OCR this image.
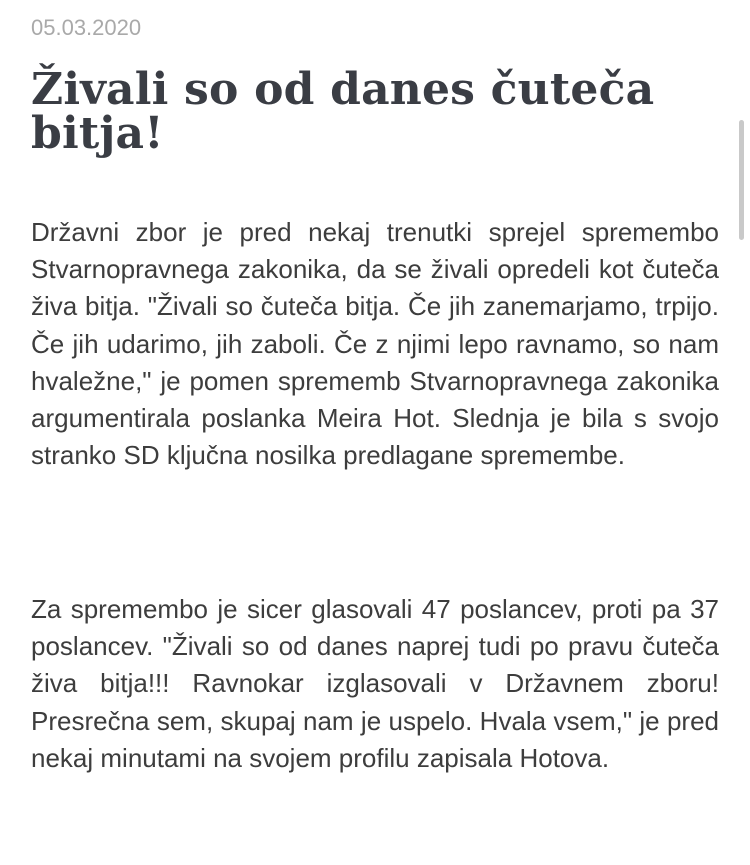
05.03.2020

Živali so od danes čuteča bitja!

Državni zbor je pred nekaj trenutki sprejel spremembo Stvarnopravnega zakonika, da se živali opredeli kot čuteča živa bitja. "Živali so čuteča bitja. Če jih zanemarjamo, trpijo. Če jih udarimo, jih zaboli. Če z njimi lepo ravnamo, so nam hvaležne," je pomen sprememb Stvarnopravnega zakonika argumentirala poslanka Meira Hot. Slednja je bila s svojo stranko SD ključna nosilka predlagane spremembe.

Za spremembo je sicer glasovali 47 poslancev, proti pa 37 poslancev. "Živali so od danes naprej tudi po pravu čuteča živa bitja!!! Ravnokar izglasovali v Državnem zboru! Presrečna sem, skupaj nam je uspelo. Hvala vsem," je pred nekaj minutami na svojem profilu zapisala Hotova.
